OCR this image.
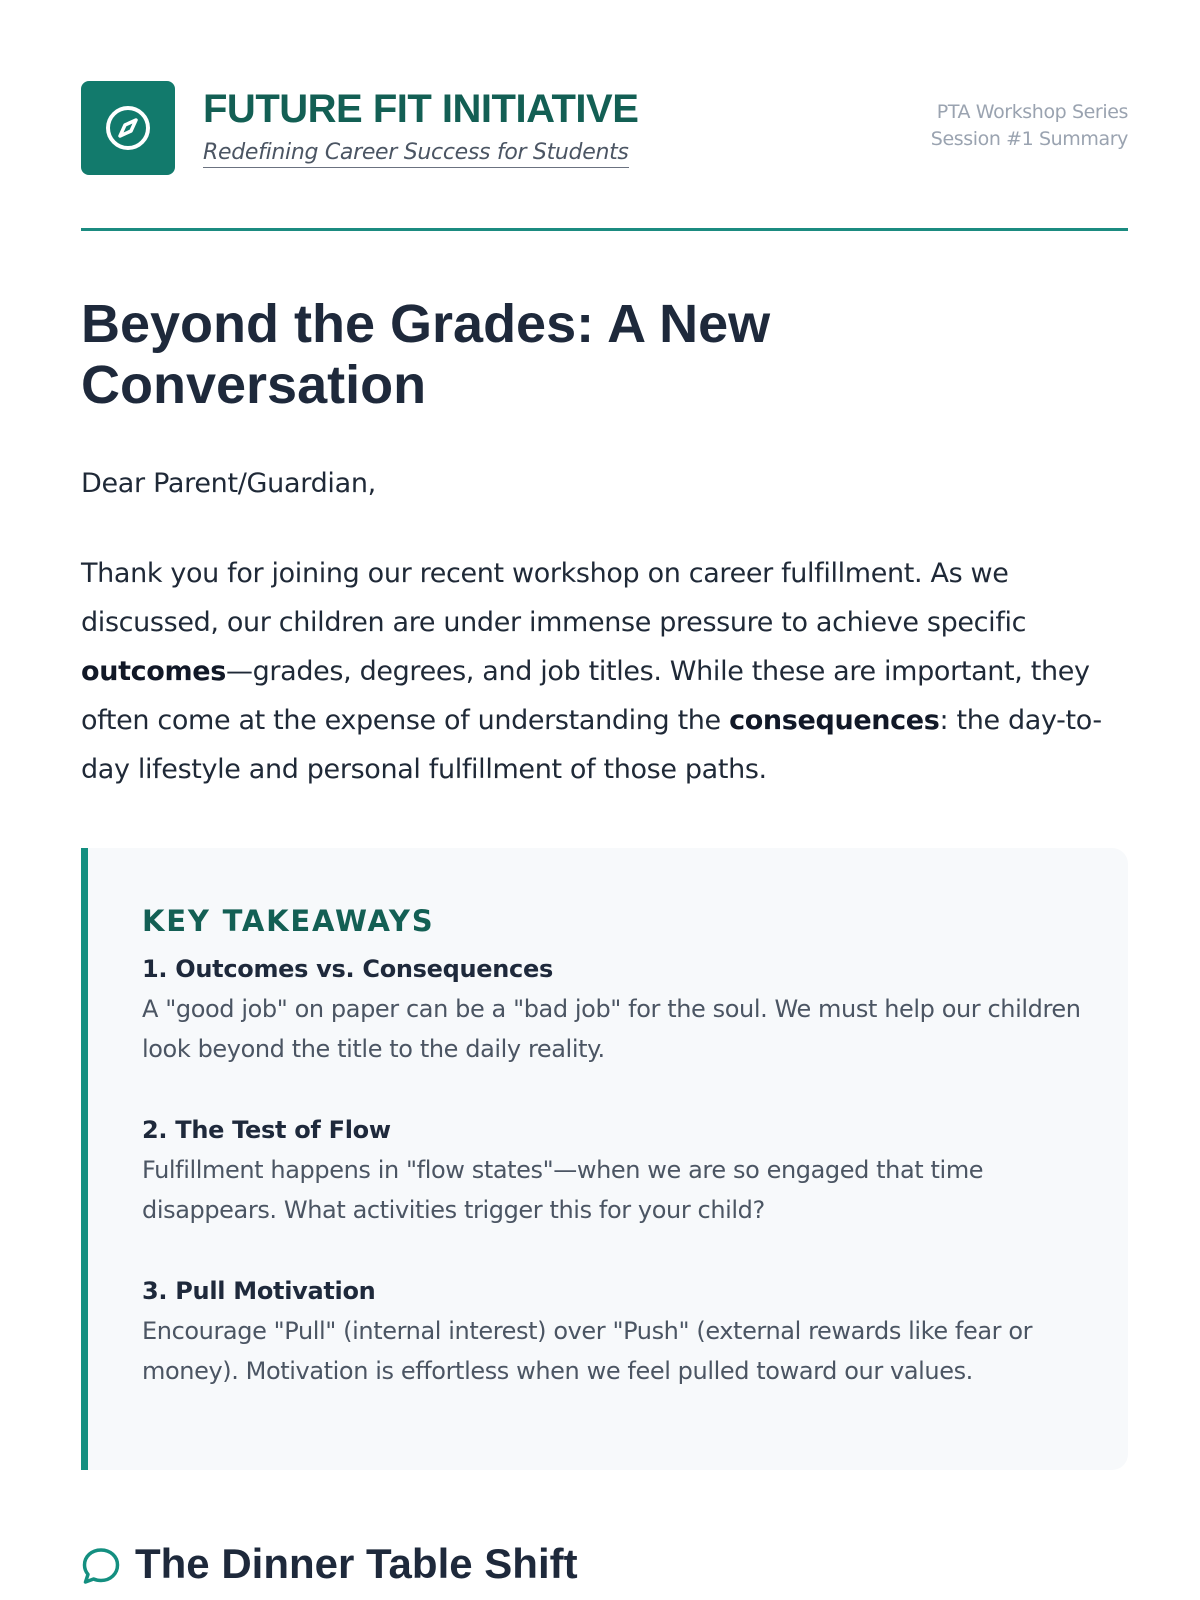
FUTURE FIT INITIATIVE
Redefining Career Success for Students
PTA Workshop Series
Session #1 Summary
Beyond the Grades: A New Conversation
Dear Parent/Guardian,

Thank you for joining our recent workshop on career fulfillment. As we discussed, our children are under immense pressure to achieve specific outcomes—grades, degrees, and job titles. While these are important, they often come at the expense of understanding the consequences: the day-to-day lifestyle and personal fulfillment of those paths.

KEY TAKEAWAYS
1. Outcomes vs. Consequences
A "good job" on paper can be a "bad job" for the soul. We must help our children look beyond the title to the daily reality.
2. The Test of Flow
Fulfillment happens in "flow states"—when we are so engaged that time disappears. What activities trigger this for your child?
3. Pull Motivation
Encourage "Pull" (internal interest) over "Push" (external rewards like fear or money). Motivation is effortless when we feel pulled toward our values.
The Dinner Table Shift
